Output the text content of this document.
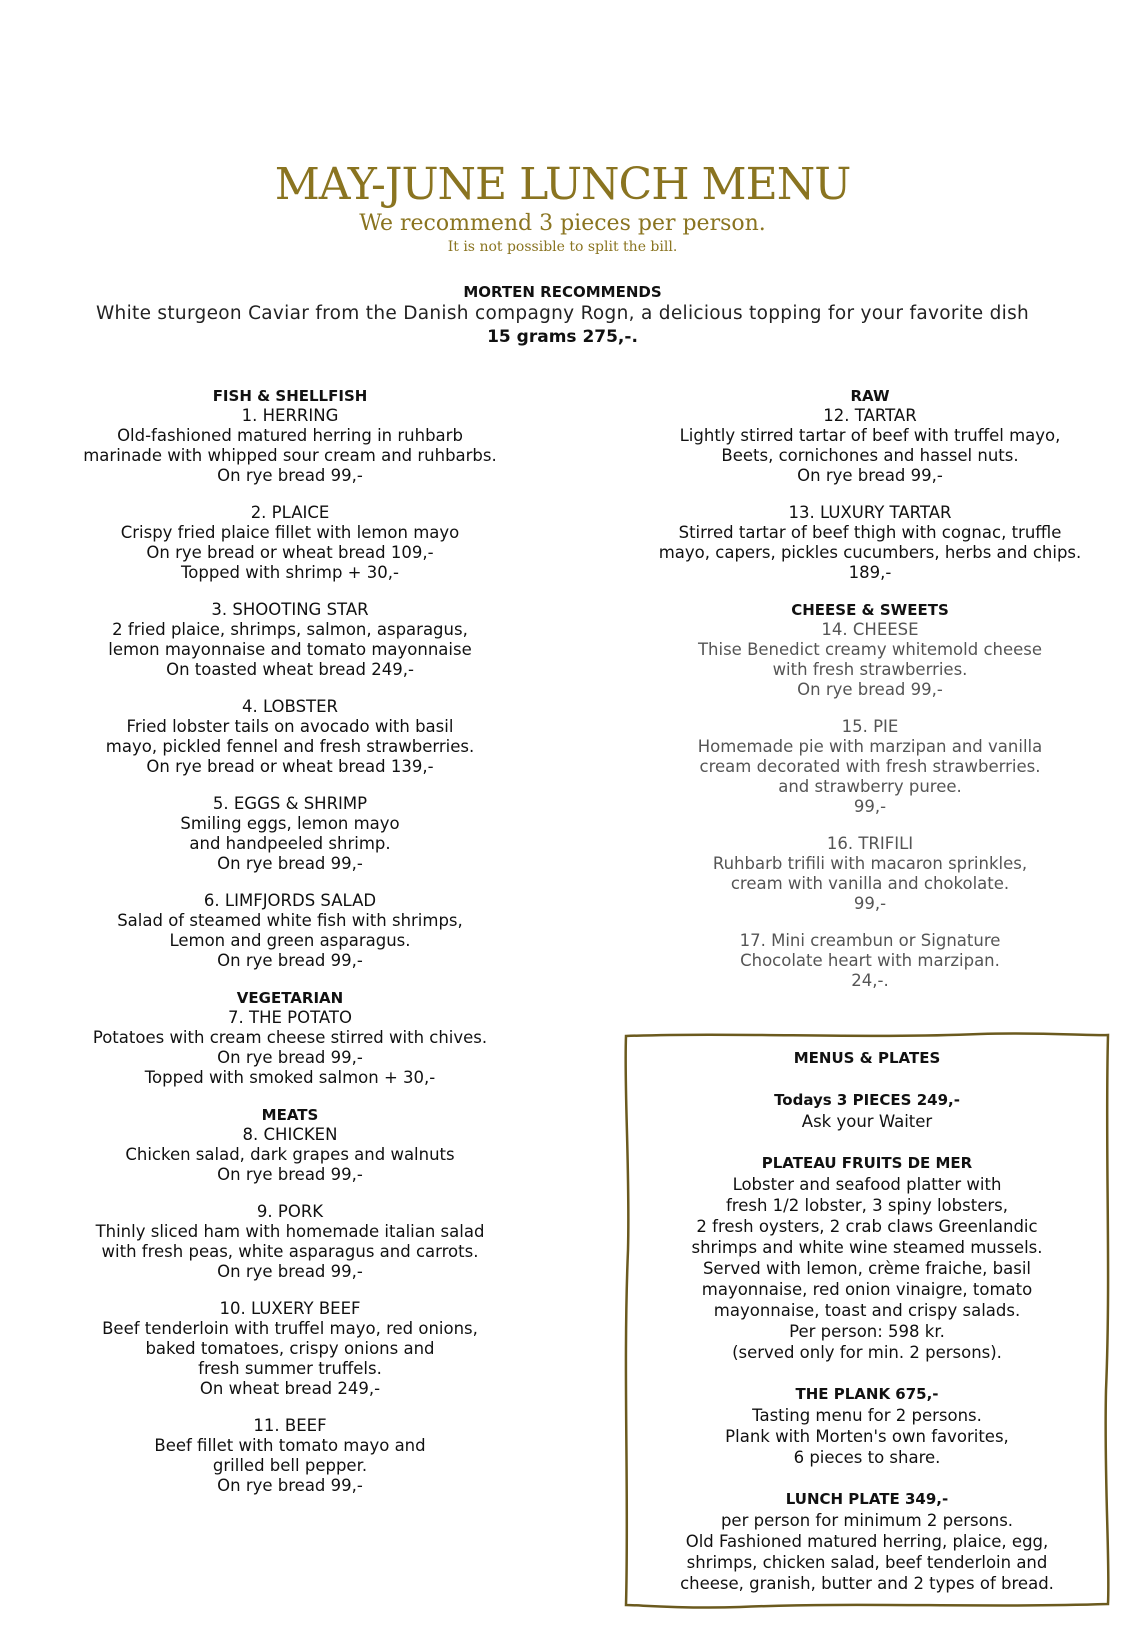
MAY-JUNE LUNCH MENU
We recommend 3 pieces per person.
It is not possible to split the bill.
MORTEN RECOMMENDS
White sturgeon Caviar from the Danish compagny Rogn, a delicious topping for your favorite dish
15 grams 275,-.
FISH & SHELLFISH
1. HERRING
Old-fashioned matured herring in ruhbarb
marinade with whipped sour cream and ruhbarbs.
On rye bread 99,-
2. PLAICE
Crispy fried plaice fillet with lemon mayo
On rye bread or wheat bread 109,-
Topped with shrimp + 30,-
3. SHOOTING STAR
2 fried plaice, shrimps, salmon, asparagus,
lemon mayonnaise and tomato mayonnaise
On toasted wheat bread 249,-
4. LOBSTER
Fried lobster tails on avocado with basil
mayo, pickled fennel and fresh strawberries.
On rye bread or wheat bread 139,-
5. EGGS & SHRIMP
Smiling eggs, lemon mayo
and handpeeled shrimp.
On rye bread 99,-
6. LIMFJORDS SALAD
Salad of steamed white fish with shrimps,
Lemon and green asparagus.
On rye bread 99,-
VEGETARIAN
7. THE POTATO
Potatoes with cream cheese stirred with chives.
On rye bread 99,-
Topped with smoked salmon + 30,-
MEATS
8. CHICKEN
Chicken salad, dark grapes and walnuts
On rye bread 99,-
9. PORK
Thinly sliced ham with homemade italian salad
with fresh peas, white asparagus and carrots.
On rye bread 99,-
10. LUXERY BEEF
Beef tenderloin with truffel mayo, red onions,
baked tomatoes, crispy onions and
fresh summer truffels.
On wheat bread 249,-
11. BEEF
Beef fillet with tomato mayo and
grilled bell pepper.
On rye bread 99,-
RAW
12. TARTAR
Lightly stirred tartar of beef with truffel mayo,
Beets, cornichones and hassel nuts.
On rye bread 99,-
13. LUXURY TARTAR
Stirred tartar of beef thigh with cognac, truffle
mayo, capers, pickles cucumbers, herbs and chips.
189,-
CHEESE & SWEETS
14. CHEESE
Thise Benedict creamy whitemold cheese
with fresh strawberries.
On rye bread 99,-
15. PIE
Homemade pie with marzipan and vanilla
cream decorated with fresh strawberries.
and strawberry puree.
99,-
16. TRIFILI
Ruhbarb trifili with macaron sprinkles,
cream with vanilla and chokolate.
99,-
17. Mini creambun or Signature
Chocolate heart with marzipan.
24,-.
MENUS & PLATES
Todays 3 PIECES 249,-
Ask your Waiter
PLATEAU FRUITS DE MER
Lobster and seafood platter with
fresh 1/2 lobster, 3 spiny lobsters,
2 fresh oysters, 2 crab claws Greenlandic
shrimps and white wine steamed mussels.
Served with lemon, crème fraiche, basil
mayonnaise, red onion vinaigre, tomato
mayonnaise, toast and crispy salads.
Per person: 598 kr.
(served only for min. 2 persons).
THE PLANK 675,-
Tasting menu for 2 persons.
Plank with Morten's own favorites,
6 pieces to share.
LUNCH PLATE 349,-
per person for minimum 2 persons.
Old Fashioned matured herring, plaice, egg,
shrimps, chicken salad, beef tenderloin and
cheese, granish, butter and 2 types of bread.
